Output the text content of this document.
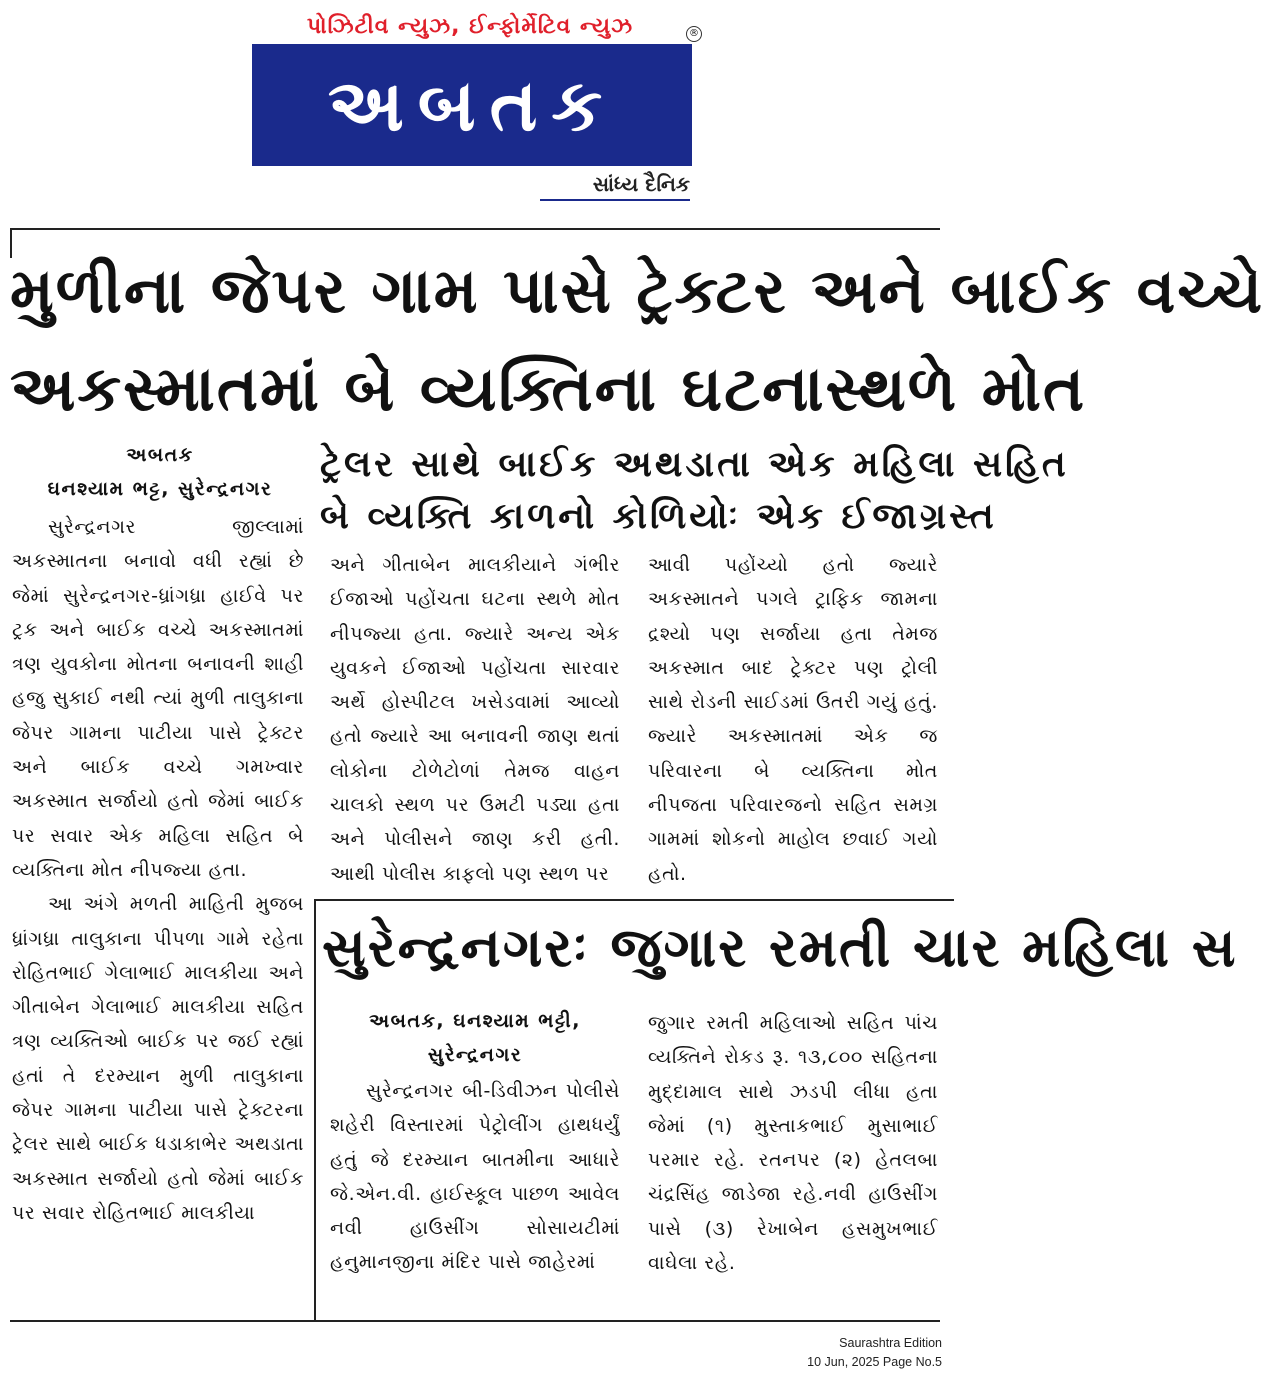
પોઝિટીવ ન્યુઝ, ઈન્ફોર્મેટિવ ન્યુઝ
અબતક
®
સાંધ્ય દૈનિક
મુળીના જેપર ગામ પાસે ટ્રેક્ટર અને બાઈક વચ્ચે
અકસ્માતમાં બે વ્યક્તિના ઘટનાસ્થળે મોત
ટ્રેલર સાથે બાઈક અથડાતા એક મહિલા સહિત
બે વ્યક્તિ કાળનો કોળિયોઃ એક ઈજાગ્રસ્ત
અબતક
ઘનશ્યામ ભટ્ટ, સુરેન્દ્રનગર

સુરેન્દ્રનગર જીલ્લામાં અકસ્માતના બનાવો વધી રહ્યાં છે જેમાં સુરેન્દ્રનગર-ધ્રાંગધ્રા હાઈવે પર ટ્રક અને બાઈક વચ્ચે અકસ્માતમાં ત્રણ યુવકોના મોતના બનાવની શાહી હજુ સુકાઈ નથી ત્યાં મુળી તાલુકાના જેપર ગામના પાટીયા પાસે ટ્રેક્ટર અને બાઈક વચ્ચે ગમખ્વાર અકસ્માત સર્જાયો હતો જેમાં બાઈક પર સવાર એક મહિલા સહિત બે વ્યક્તિના મોત નીપજ્યા હતા.

આ અંગે મળતી માહિતી મુજબ ધ્રાંગધ્રા તાલુકાના પીપળા ગામે રહેતા રોહિતભાઈ ગેલાભાઈ માલકીયા અને ગીતાબેન ગેલાભાઈ માલકીયા સહિત ત્રણ વ્યક્તિઓ બાઈક પર જઈ રહ્યાં હતાં તે દરમ્યાન મુળી તાલુકાના જેપર ગામના પાટીયા પાસે ટ્રેક્ટરના ટ્રેલર સાથે બાઈક ધડાકાભેર અથડાતા અકસ્માત સર્જાયો હતો જેમાં બાઈક પર સવાર રોહિતભાઈ માલકીયા

અને ગીતાબેન માલકીયાને ગંભીર ઈજાઓ પહોંચતા ઘટના સ્થળે મોત નીપજ્યા હતા. જ્યારે અન્ય એક યુવકને ઈજાઓ પહોંચતા સારવાર અર્થે હોસ્પીટલ ખસેડવામાં આવ્યો હતો જ્યારે આ બનાવની જાણ થતાં લોકોના ટોળેટોળાં તેમજ વાહન ચાલકો સ્થળ પર ઉમટી પડ્યા હતા અને પોલીસને જાણ કરી હતી. આથી પોલીસ કાફલો પણ સ્થળ પર

આવી પહોંચ્યો હતો જ્યારે અકસ્માતને પગલે ટ્રાફિક જામના દ્રશ્યો પણ સર્જાયા હતા તેમજ અકસ્માત બાદ ટ્રેક્ટર પણ ટ્રોલી સાથે રોડની સાઈડમાં ઉતરી ગયું હતું. જ્યારે અકસ્માતમાં એક જ પરિવારના બે વ્યક્તિના મોત નીપજતા પરિવારજનો સહિત સમગ્ર ગામમાં શોકનો માહોલ છવાઈ ગયો હતો.

સુરેન્દ્રનગરઃ જુગાર રમતી ચાર મહિલા સ
અબતક, ઘનશ્યામ ભટ્ટી,
સુરેન્દ્રનગર

સુરેન્દ્રનગર બી-ડિવીઝન પોલીસે શહેરી વિસ્તારમાં પેટ્રોલીંગ હાથધર્યું હતું જે દરમ્યાન બાતમીના આધારે જે.એન.વી. હાઈસ્કૂલ પાછળ આવેલ નવી હાઉસીંગ સોસાયટીમાં હનુમાનજીના મંદિર પાસે જાહેરમાં

જુગાર રમતી મહિલાઓ સહિત પાંચ વ્યક્તિને રોકડ રૂ. ૧૩,૮૦૦ સહિતના મુદ્દામાલ સાથે ઝડપી લીધા હતા જેમાં (૧) મુસ્તાકભાઈ મુસાભાઈ પરમાર રહે. રતનપર (૨) હેતલબા ચંદ્રસિંહ જાડેજા રહે.નવી હાઉસીંગ પાસે (૩) રેખાબેન હસમુખભાઈ વાઘેલા રહે.

Saurashtra Edition
10 Jun, 2025 Page No.5
